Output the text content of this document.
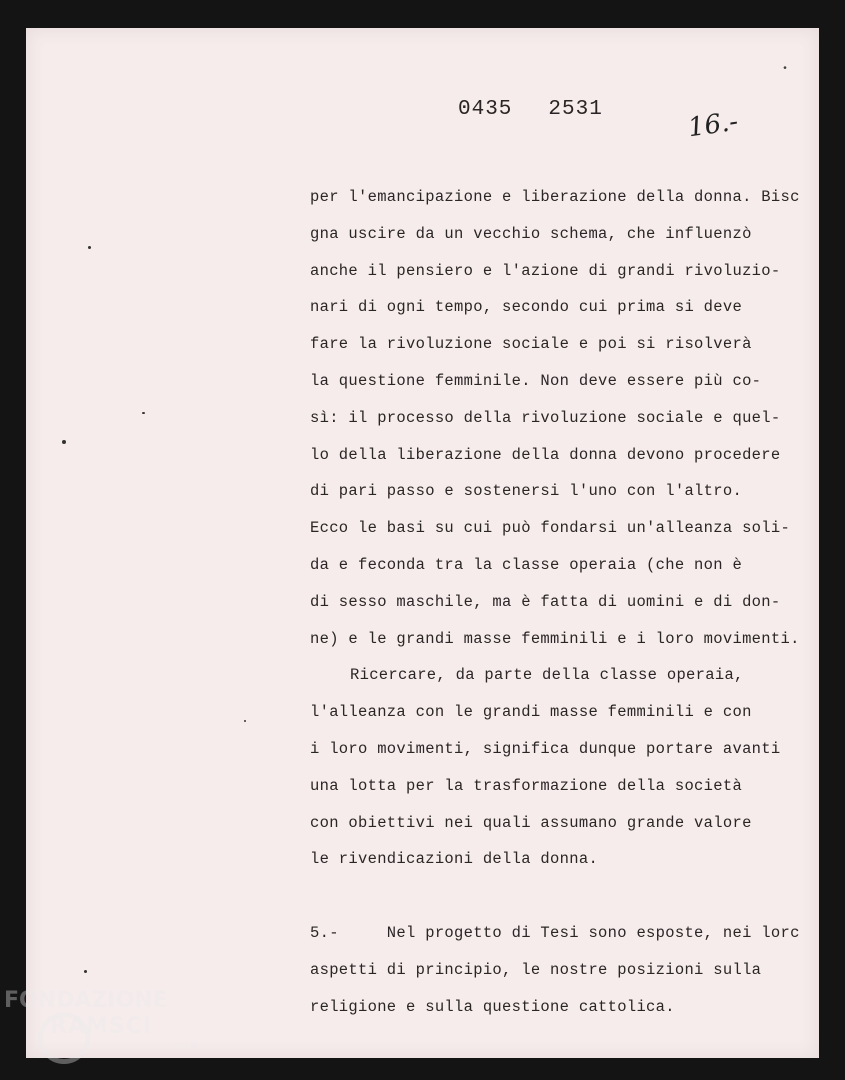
•
0435 2531	16.-
per l'emancipazione e liberazione della donna. Bisc
gna uscire da un vecchio schema, che influenzò
anche il pensiero e l'azione di grandi rivoluzio-
nari di ogni tempo, secondo cui prima si deve
fare la rivoluzione sociale e poi si risolverà
la questione femminile. Non deve essere più co-
sì: il processo della rivoluzione sociale e quel-
lo della liberazione della donna devono procedere
di pari passo e sostenersi l'uno con l'altro.
Ecco le basi su cui può fondarsi un'alleanza soli-
da e feconda tra la classe operaia (che non è
di sesso maschile, ma è fatta di uomini e di don-
ne) e le grandi masse femminili e i loro movimenti.
Ricercare, da parte della classe operaia,
l'alleanza con le grandi masse femminili e con
i loro movimenti, significa dunque portare avanti
una lotta per la trasformazione della società
con obiettivi nei quali assumano grande valore
le rivendicazioni della donna.
5.-     Nel progetto di Tesi sono esposte, nei lorc
aspetti di principio, le nostre posizioni sulla
religione e sulla questione cattolica.
FONDAZIONE
RAMSCI
onlus
